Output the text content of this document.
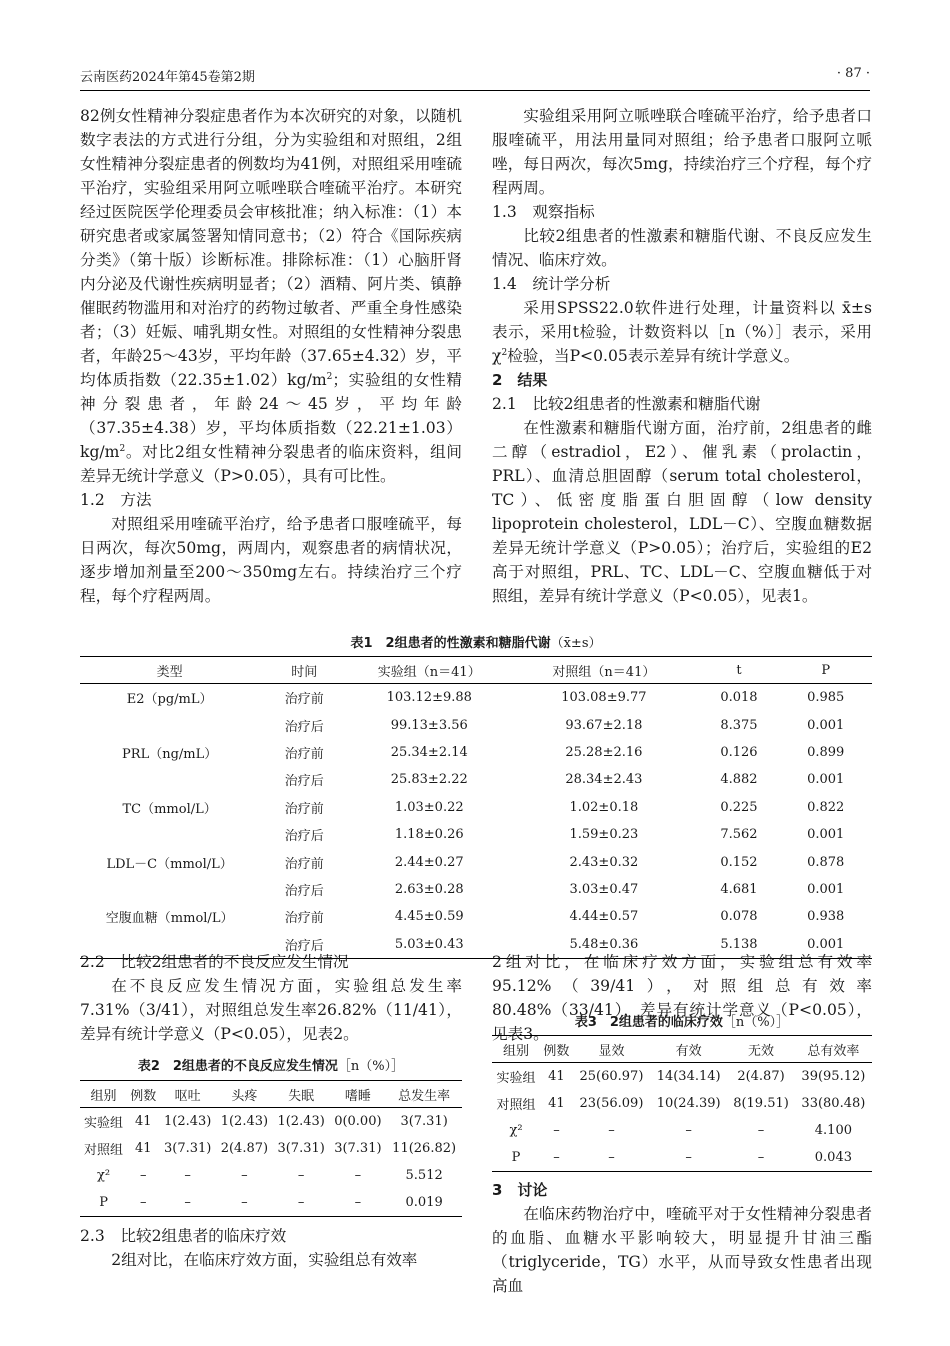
云南医药2024年第45卷第2期	· 87 ·

82例女性精神分裂症患者作为本次研究的对象，以随机数字表法的方式进行分组，分为实验组和对照组，2组女性精神分裂症患者的例数均为41例，对照组采用喹硫平治疗，实验组采用阿立哌唑联合喹硫平治疗。本研究经过医院医学伦理委员会审核批准；纳入标准：（1）本研究患者或家属签署知情同意书；（2）符合《国际疾病分类》（第十版）诊断标准。排除标准：（1）心脑肝肾内分泌及代谢性疾病明显者；（2）酒精、阿片类、镇静催眠药物滥用和对治疗的药物过敏者、严重全身性感染者；（3）妊娠、哺乳期女性。对照组的女性精神分裂患者，年龄25～43岁，平均年龄（37.65±4.32）岁，平均体质指数$(22.35\pm 1.02)kg/m^2$；实验组的女性精神分裂患者，年龄24～45岁，平均年龄（37.35±4.38）岁，平均体质指数$(22.21\pm 1.03)kg/m^2$。对比2组女性精神分裂患者的临床资料，组间差异无统计学意义（P>0.05），具有可比性。

1.2　方法

对照组采用喹硫平治疗，给予患者口服喹硫平，每日两次，每次50mg，两周内，观察患者的病情状况，逐步增加剂量至200～350mg左右。持续治疗三个疗程，每个疗程两周。

实验组采用阿立哌唑联合喹硫平治疗，给予患者口服喹硫平，用法用量同对照组；给予患者口服阿立哌唑，每日两次，每次5mg，持续治疗三个疗程，每个疗程两周。

1.3　观察指标

比较2组患者的性激素和糖脂代谢、不良反应发生情况、临床疗效。

1.4　统计学分析

采用SPSS22.0软件进行处理，计量资料以 x̄±s 表示，采用t检验，计数资料以［n（%）］表示，采用$\chi^2$检验，当P<0.05表示差异有统计学意义。

2　结果

2.1　比较2组患者的性激素和糖脂代谢

在性激素和糖脂代谢方面，治疗前，2组患者的雌二醇（estradiol，E2）、催乳素（prolactin，PRL）、血清总胆固醇（serum total cholesterol，TC）、低密度脂蛋白胆固醇（low density lipoprotein cholesterol，LDL－C）、空腹血糖数据差异无统计学意义（P>0.05）；治疗后，实验组的E2高于对照组，PRL、TC、LDL－C、空腹血糖低于对照组，差异有统计学意义（P<0.05），见表1。

表1　2组患者的性激素和糖脂代谢（x̄±s）
类型	时间	实验组（n＝41）	对照组（n＝41）	t	P
E2（pg/mL）	治疗前	103.12±9.88	103.08±9.77	0.018	0.985
	治疗后	99.13±3.56	93.67±2.18	8.375	0.001
PRL（ng/mL）	治疗前	25.34±2.14	25.28±2.16	0.126	0.899
	治疗后	25.83±2.22	28.34±2.43	4.882	0.001
TC（mmol/L）	治疗前	1.03±0.22	1.02±0.18	0.225	0.822
	治疗后	1.18±0.26	1.59±0.23	7.562	0.001
LDL－C（mmol/L）	治疗前	2.44±0.27	2.43±0.32	0.152	0.878
	治疗后	2.63±0.28	3.03±0.47	4.681	0.001
空腹血糖（mmol/L）	治疗前	4.45±0.59	4.44±0.57	0.078	0.938
	治疗后	5.03±0.43	5.48±0.36	5.138	0.001

2.2　比较2组患者的不良反应发生情况

在不良反应发生情况方面，实验组总发生率7.31%（3/41），对照组总发生率26.82%（11/41），差异有统计学意义（P<0.05），见表2。

表2　2组患者的不良反应发生情况［n（%）］
组别	例数	呕吐	头疼	失眠	嗜睡	总发生率
实验组	41	1(2.43)	1(2.43)	1(2.43)	0(0.00)	3(7.31)
对照组	41	3(7.31)	2(4.87)	3(7.31)	3(7.31)	11(26.82)
χ²	–	–	–	–	–	5.512
P	–	–	–	–	–	0.019

2.3　比较2组患者的临床疗效

2组对比，在临床疗效方面，实验组总有效率

2组对比，在临床疗效方面，实验组总有效率95.12%（39/41），对照组总有效率80.48%（33/41），差异有统计学意义（P<0.05），见表3。

表3　2组患者的临床疗效［n（%）］
组别	例数	显效	有效	无效	总有效率
实验组	41	25(60.97)	14(34.14)	2(4.87)	39(95.12)
对照组	41	23(56.09)	10(24.39)	8(19.51)	33(80.48)
χ²	–	–	–	–	4.100
P	–	–	–	–	0.043

3　讨论

在临床药物治疗中，喹硫平对于女性精神分裂患者的血脂、血糖水平影响较大，明显提升甘油三酯（triglyceride，TG）水平，从而导致女性患者出现高血
